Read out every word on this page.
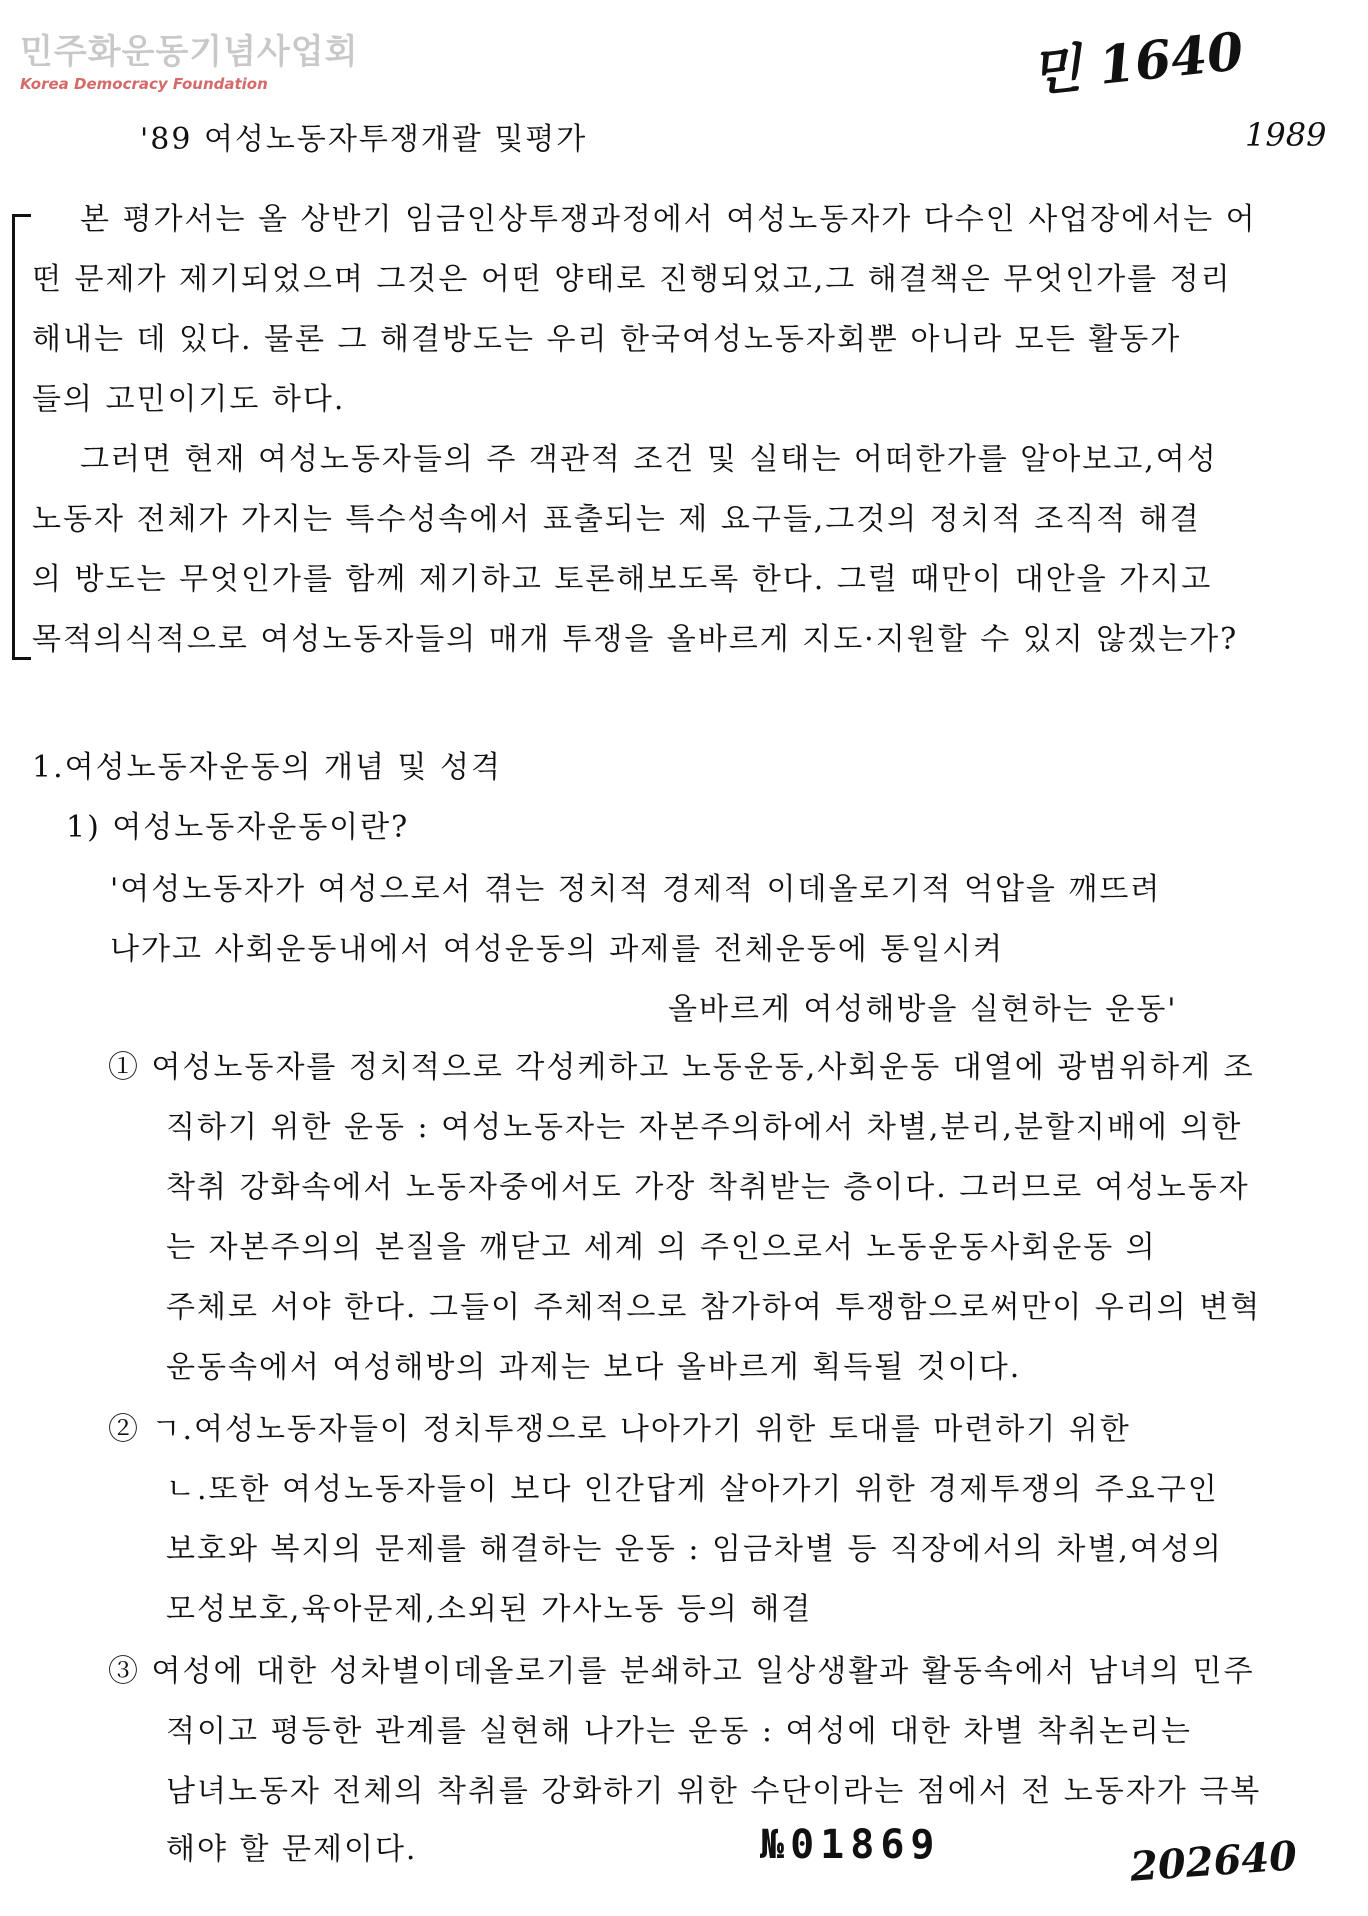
민주화운동기념사업회
Korea Democracy Foundation	민 1640
1989
'89 여성노동자투쟁개괄 및평가
본 평가서는 올 상반기 임금인상투쟁과정에서 여성노동자가 다수인 사업장에서는 어
떤 문제가 제기되었으며 그것은 어떤 양태로 진행되었고,그 해결책은 무엇인가를 정리
해내는 데 있다. 물론 그 해결방도는 우리 한국여성노동자회뿐 아니라 모든 활동가
들의 고민이기도 하다.
그러면 현재 여성노동자들의 주 객관적 조건 및 실태는 어떠한가를 알아보고,여성
노동자 전체가 가지는 특수성속에서 표출되는 제 요구들,그것의 정치적 조직적 해결
의 방도는 무엇인가를 함께 제기하고 토론해보도록 한다. 그럴 때만이 대안을 가지고
목적의식적으로 여성노동자들의 매개 투쟁을 올바르게 지도·지원할 수 있지 않겠는가?
1.여성노동자운동의 개념 및 성격
1) 여성노동자운동이란?
'여성노동자가 여성으로서 겪는 정치적 경제적 이데올로기적 억압을 깨뜨려
나가고 사회운동내에서 여성운동의 과제를 전체운동에 통일시켜
올바르게 여성해방을 실현하는 운동'
① 여성노동자를 정치적으로 각성케하고 노동운동,사회운동 대열에 광범위하게 조
직하기 위한 운동 : 여성노동자는 자본주의하에서 차별,분리,분할지배에 의한
착취 강화속에서 노동자중에서도 가장 착취받는 층이다. 그러므로 여성노동자
는 자본주의의 본질을 깨닫고 세계 의 주인으로서 노동운동사회운동 의
주체로 서야 한다. 그들이 주체적으로 참가하여 투쟁함으로써만이 우리의 변혁
운동속에서 여성해방의 과제는 보다 올바르게 획득될 것이다.
② ㄱ.여성노동자들이 정치투쟁으로 나아가기 위한 토대를 마련하기 위한
ㄴ.또한 여성노동자들이 보다 인간답게 살아가기 위한 경제투쟁의 주요구인
보호와 복지의 문제를 해결하는 운동 : 임금차별 등 직장에서의 차별,여성의
모성보호,육아문제,소외된 가사노동 등의 해결
③ 여성에 대한 성차별이데올로기를 분쇄하고 일상생활과 활동속에서 남녀의 민주
적이고 평등한 관계를 실현해 나가는 운동 : 여성에 대한 차별 착취논리는
남녀노동자 전체의 착취를 강화하기 위한 수단이라는 점에서 전 노동자가 극복
해야 할 문제이다.	№01869	202640
